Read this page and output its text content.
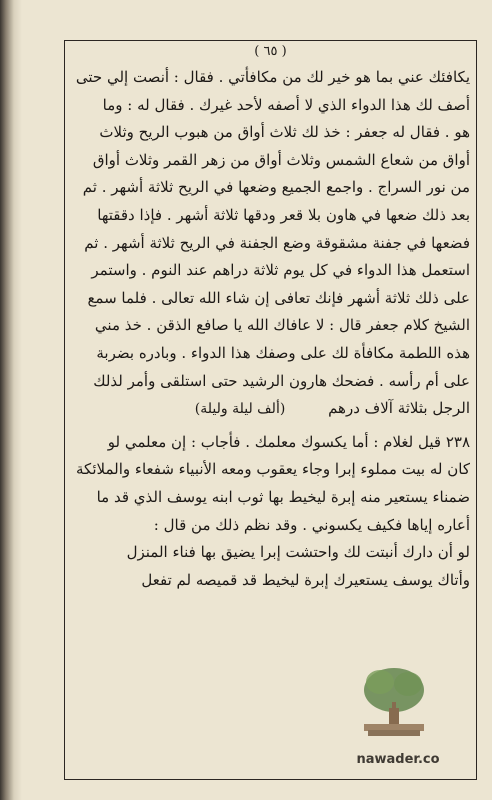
( ٦٥ )
يكافئك عني بما هو خير لك من مكافأتي . فقال : أنصت إلي حتى
أصف لك هذا الدواء الذي لا أصفه لأحد غيرك . فقال له : وما
هو . فقال له جعفر : خذ لك ثلاث أواق من هبوب الريح وثلاث
أواق من شعاع الشمس وثلاث أواق من زهر القمر وثلاث أواق
من نور السراج . واجمع الجميع وضعها في الريح ثلاثة أشهر . ثم
بعد ذلك ضعها في هاون بلا قعر ودقها ثلاثة أشهر . فإذا دققتها
فضعها في جفنة مشقوقة وضع الجفنة في الريح ثلاثة أشهر . ثم
استعمل هذا الدواء في كل يوم ثلاثة دراهم عند النوم . واستمر
على ذلك ثلاثة أشهر فإنك تعافى إن شاء الله تعالى . فلما سمع
الشيخ كلام جعفر قال : لا عافاك الله يا صافع الذقن . خذ مني
هذه اللطمة مكافأة لك على وصفك هذا الدواء . وبادره بضربة
على أم رأسه . فضحك هارون الرشيد حتى استلقى وأمر لذلك
الرجل بثلاثة آلاف درهم (ألف ليلة وليلة)
٢٣٨ قيل لغلام : أما يكسوك معلمك . فأجاب : إن معلمي لو
كان له بيت مملوء إبرا وجاء يعقوب ومعه الأنبياء شفعاء والملائكة
ضمناء يستعير منه إبرة ليخيط بها ثوب ابنه يوسف الذي قد ما
أعاره إياها فكيف يكسوني . وقد نظم ذلك من قال :
لو أن دارك أنبتت لك واحتشت إبرا يضيق بها فناء المنزل
وأتاك يوسف يستعيرك إبرة ليخيط قد قميصه لم تفعل
nawader.co
